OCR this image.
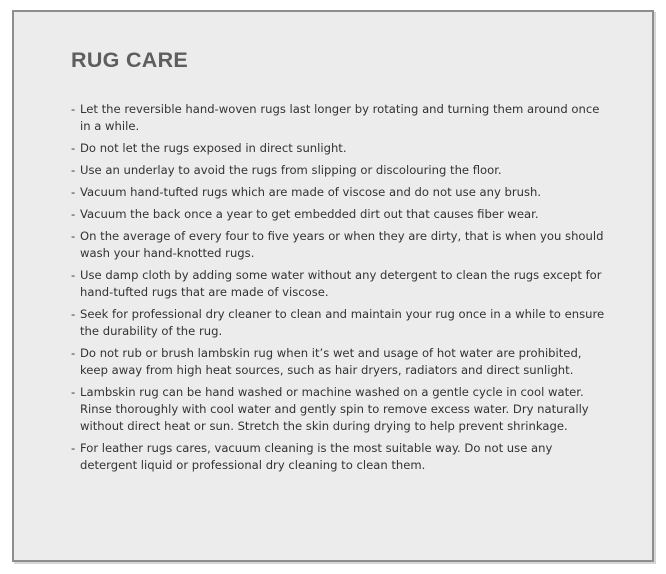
RUG CARE
- Let the reversible hand-woven rugs last longer by rotating and turning them around once in a while.
- Do not let the rugs exposed in direct sunlight.
- Use an underlay to avoid the rugs from slipping or discolouring the floor.
- Vacuum hand-tufted rugs which are made of viscose and do not use any brush.
- Vacuum the back once a year to get embedded dirt out that causes fiber wear.
- On the average of every four to five years or when they are dirty, that is when you should wash your hand-knotted rugs.
- Use damp cloth by adding some water without any detergent to clean the rugs except for hand-tufted rugs that are made of viscose.
- Seek for professional dry cleaner to clean and maintain your rug once in a while to ensure the durability of the rug.
- Do not rub or brush lambskin rug when it’s wet and usage of hot water are prohibited, keep away from high heat sources, such as hair dryers, radiators and direct sunlight.
- Lambskin rug can be hand washed or machine washed on a gentle cycle in cool water. Rinse thoroughly with cool water and gently spin to remove excess water. Dry naturally without direct heat or sun. Stretch the skin during drying to help prevent shrinkage.
- For leather rugs cares, vacuum cleaning is the most suitable way. Do not use any detergent liquid or professional dry cleaning to clean them.
